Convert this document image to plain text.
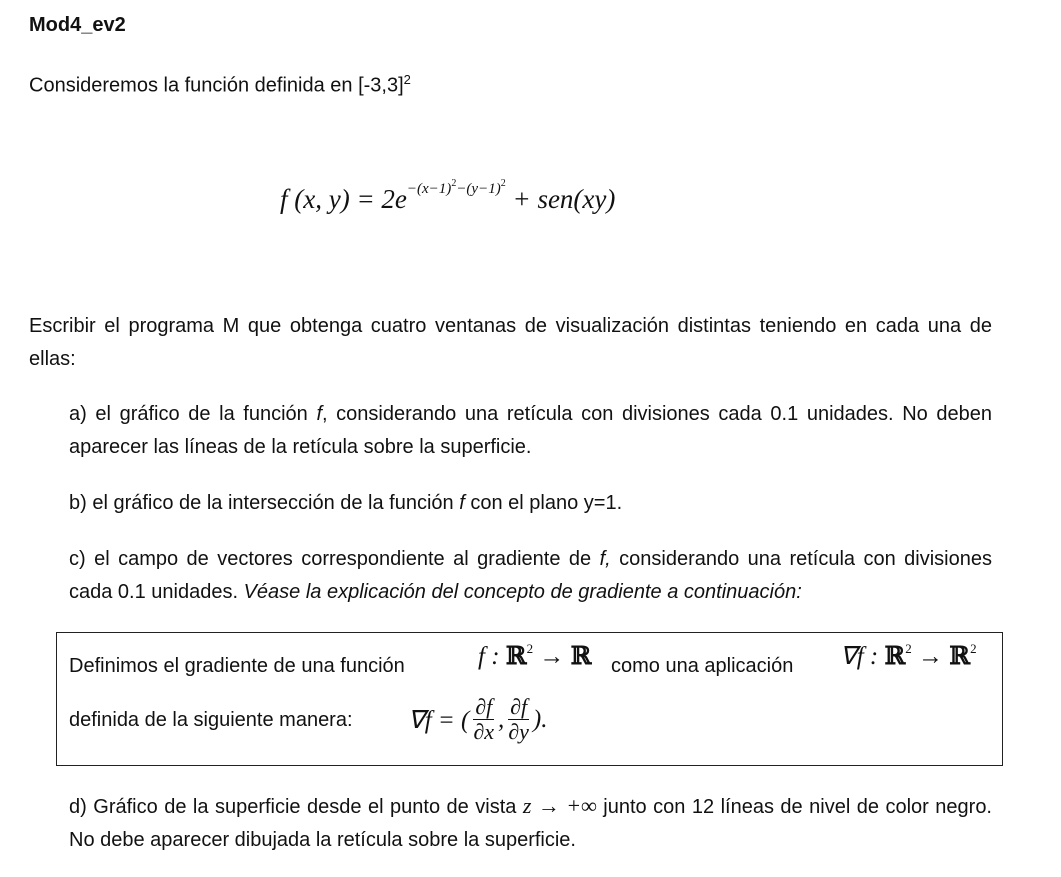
Mod4_ev2
Consideremos la función definida en $[-3,3]^2$
f (x, $y) = 2e^{-(x-1)^2-(y-1)^2} + sen(xy)$
Escribir el programa M que obtenga cuatro ventanas de visualización distintas teniendo en cada una de ellas:
a) el gráfico de la función f, considerando una retícula con divisiones cada 0.1 unidades. No deben aparecer las líneas de la retícula sobre la superficie.
b) el gráfico de la intersección de la función f con el plano y=1.
c) el campo de vectores correspondiente al gradiente de f, considerando una retícula con divisiones cada 0.1 unidades. Véase la explicación del concepto de gradiente a continuación:
Definimos el gradiente de una función	f : ℝ$^2$ → ℝ como una aplicación ∇f : ℝ$^2$ → ℝ$^2$
definida de la siguiente manera: ∇f = ( $\frac{\partial f}{\partial x}$ , $\frac{\partial f}{\partial y}$ ).
d) Gráfico de la superficie desde el punto de vista z → +∞ junto con 12 líneas de nivel de color negro. No debe aparecer dibujada la retícula sobre la superficie.
